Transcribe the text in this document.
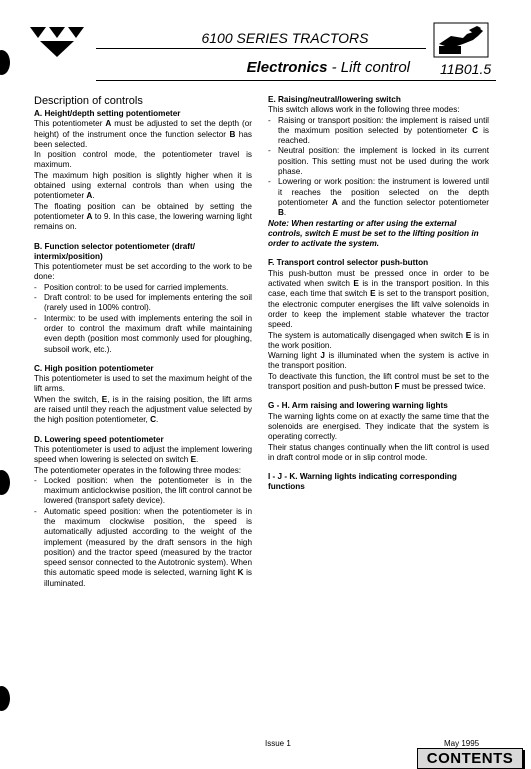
6100 SERIES TRACTORS
Electronics - Lift control 11B01.5
Description of controls
A. Height/depth setting potentiometer

This potentiometer A must be adjusted to set the depth (or height) of the instrument once the function selector B has been selected.

In position control mode, the potentiometer travel is maximum.

The maximum high position is slightly higher when it is obtained using external controls than when using the potentiometer A.

The floating position can be obtained by setting the potentiometer A to 9. In this case, the lowering warning light remains on.

B. Function selector potentiometer (draft/ intermix/position)

This potentiometer must be set according to the work to be done:

- Position control: to be used for carried implements.
- Draft control: to be used for implements entering the soil (rarely used in 100% control).
- Intermix: to be used with implements entering the soil in order to control the maximum draft while maintaining even depth (position most commonly used for ploughing, subsoil work, etc.).
C. High position potentiometer

This potentiometer is used to set the maximum height of the lift arms.

When the switch, E, is in the raising position, the lift arms are raised until they reach the adjustment value selected by the high position potentiometer, C.

D. Lowering speed potentiometer

This potentiometer is used to adjust the implement lowering speed when lowering is selected on switch E.

The potentiometer operates in the following three modes:

- Locked position: when the potentiometer is in the maximum anticlockwise position, the lift control cannot be lowered (transport safety device).
- Automatic speed position: when the potentiometer is in the maximum clockwise position, the speed is automatically adjusted according to the weight of the implement (measured by the draft sensors in the high position) and the tractor speed (measured by the tractor speed sensor connected to the Autotronic system). When this automatic speed mode is selected, warning light K is illuminated.
E. Raising/neutral/lowering switch

This switch allows work in the following three modes:

- Raising or transport position: the implement is raised until the maximum position selected by potentiometer C is reached.
- Neutral position: the implement is locked in its current position. This setting must not be used during the work phase.
- Lowering or work position: the instrument is lowered until it reaches the position selected on the depth potentiometer A and the function selector potentiometer B.

Note: When restarting or after using the external controls, switch E must be set to the lifting position in order to activate the system.

F. Transport control selector push-button

This push-button must be pressed once in order to be activated when switch E is in the transport position. In this case, each time that switch E is set to the transport position, the electronic computer energises the lift valve solenoids in order to keep the implement stable whatever the tractor speed.

The system is automatically disengaged when switch E is in the work position.

Warning light J is illuminated when the system is active in the transport position.

To deactivate this function, the lift control must be set to the transport position and push-button F must be pressed twice.

G - H. Arm raising and lowering warning lights

The warning lights come on at exactly the same time that the solenoids are energised. They indicate that the system is operating correctly.

Their status changes continually when the lift control is used in draft control mode or in slip control mode.

I - J - K. Warning lights indicating corresponding functions
Issue 1	May 1995
CONTENTS
